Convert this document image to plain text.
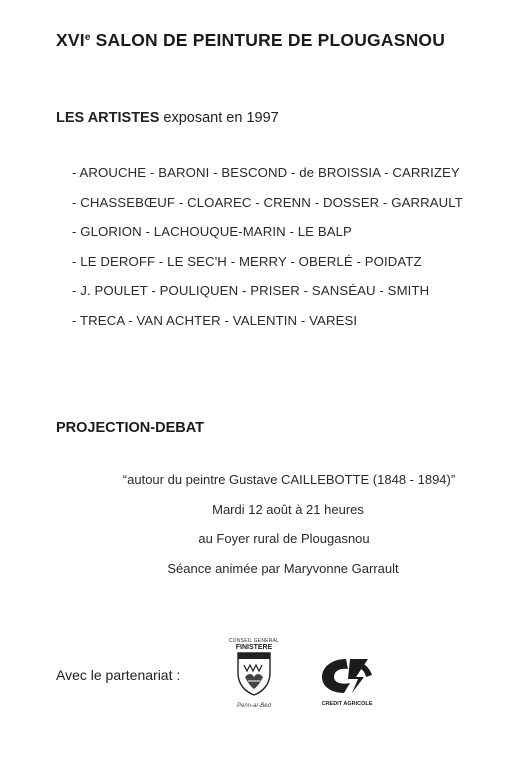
XVIe SALON DE PEINTURE DE PLOUGASNOU
LES ARTISTES exposant en 1997
- AROUCHE - BARONI - BESCOND - de BROISSIA - CARRIZEY
- CHASSEBŒUF - CLOAREC - CRENN - DOSSER - GARRAULT
- GLORION - LACHOUQUE-MARIN - LE BALP
- LE DEROFF - LE SEC'H - MERRY - OBERLÉ - POIDATZ
- J. POULET - POULIQUEN - PRISER - SANSÉAU - SMITH
- TRECA - VAN ACHTER - VALENTIN - VARESI
PROJECTION-DEBAT
“autour du peintre Gustave CAILLEBOTTE (1848 - 1894)”
Mardi 12 août à 21 heures
au Foyer rural de Plougasnou
Séance animée par Maryvonne Garrault
Avec le partenariat :
CONSEIL GENERAL
FINISTERE
Penn-ar-Bed	CREDIT AGRICOLE
